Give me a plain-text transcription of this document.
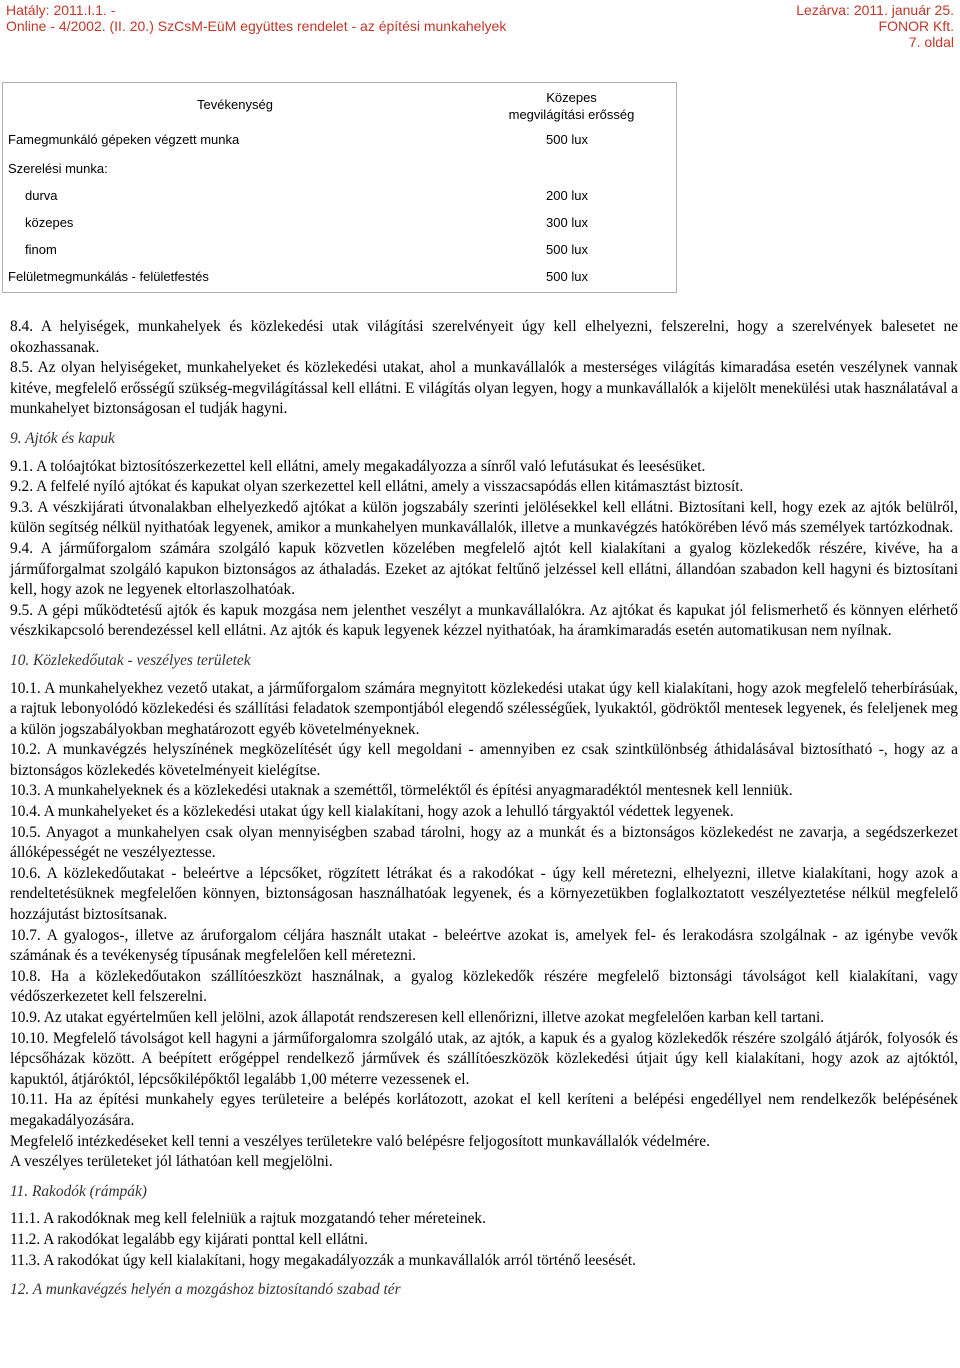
Hatály: 2011.I.1. -
Online - 4/2002. (II. 20.) SzCsM-EüM együttes rendelet - az építési munkahelyek
Lezárva: 2011. január 25.
FONOR Kft.
7. oldal
Tevékenység	Közepes
megvilágítási erősség
Famegmunkáló gépeken végzett munka	500 lux
Szerelési munka:
durva	200 lux
közepes	300 lux
finom	500 lux
Felületmegmunkálás - felületfestés	500 lux

8.4. A helyiségek, munkahelyek és közlekedési utak világítási szerelvényeit úgy kell elhelyezni, felszerelni, hogy a szerelvények balesetet ne okozhassanak.

8.5. Az olyan helyiségeket, munkahelyeket és közlekedési utakat, ahol a munkavállalók a mesterséges világítás kimaradása esetén veszélynek vannak kitéve, megfelelő erősségű szükség-megvilágítással kell ellátni. E világítás olyan legyen, hogy a munkavállalók a kijelölt menekülési utak használatával a munkahelyet biztonságosan el tudják hagyni.

9. Ajtók és kapuk

9.1. A tolóajtókat biztosítószerkezettel kell ellátni, amely megakadályozza a sínről való lefutásukat és leesésüket.

9.2. A felfelé nyíló ajtókat és kapukat olyan szerkezettel kell ellátni, amely a visszacsapódás ellen kitámasztást biztosít.

9.3. A vészkijárati útvonalakban elhelyezkedő ajtókat a külön jogszabály szerinti jelölésekkel kell ellátni. Biztosítani kell, hogy ezek az ajtók belülről, külön segítség nélkül nyithatóak legyenek, amikor a munkahelyen munkavállalók, illetve a munkavégzés hatókörében lévő más személyek tartózkodnak.

9.4. A járműforgalom számára szolgáló kapuk közvetlen közelében megfelelő ajtót kell kialakítani a gyalog közlekedők részére, kivéve, ha a járműforgalmat szolgáló kapukon biztonságos az áthaladás. Ezeket az ajtókat feltűnő jelzéssel kell ellátni, állandóan szabadon kell hagyni és biztosítani kell, hogy azok ne legyenek eltorlaszolhatóak.

9.5. A gépi működtetésű ajtók és kapuk mozgása nem jelenthet veszélyt a munkavállalókra. Az ajtókat és kapukat jól felismerhető és könnyen elérhető vészkikapcsoló berendezéssel kell ellátni. Az ajtók és kapuk legyenek kézzel nyithatóak, ha áramkimaradás esetén automatikusan nem nyílnak.

10. Közlekedőutak - veszélyes területek

10.1. A munkahelyekhez vezető utakat, a járműforgalom számára megnyitott közlekedési utakat úgy kell kialakítani, hogy azok megfelelő teherbírásúak, a rajtuk lebonyolódó közlekedési és szállítási feladatok szempontjából elegendő szélességűek, lyukaktól, gödröktől mentesek legyenek, és feleljenek meg a külön jogszabályokban meghatározott egyéb követelményeknek.

10.2. A munkavégzés helyszínének megközelítését úgy kell megoldani - amennyiben ez csak szintkülönbség áthidalásával biztosítható -, hogy az a biztonságos közlekedés követelményeit kielégítse.

10.3. A munkahelyeknek és a közlekedési utaknak a szeméttől, törmeléktől és építési anyagmaradéktól mentesnek kell lenniük.

10.4. A munkahelyeket és a közlekedési utakat úgy kell kialakítani, hogy azok a lehulló tárgyaktól védettek legyenek.

10.5. Anyagot a munkahelyen csak olyan mennyiségben szabad tárolni, hogy az a munkát és a biztonságos közlekedést ne zavarja, a segédszerkezet állóképességét ne veszélyeztesse.

10.6. A közlekedőutakat - beleértve a lépcsőket, rögzített létrákat és a rakodókat - úgy kell méretezni, elhelyezni, illetve kialakítani, hogy azok a rendeltetésüknek megfelelően könnyen, biztonságosan használhatóak legyenek, és a környezetükben foglalkoztatott veszélyeztetése nélkül megfelelő hozzájutást biztosítsanak.

10.7. A gyalogos-, illetve az áruforgalom céljára használt utakat - beleértve azokat is, amelyek fel- és lerakodásra szolgálnak - az igénybe vevők számának és a tevékenység típusának megfelelően kell méretezni.

10.8. Ha a közlekedőutakon szállítóeszközt használnak, a gyalog közlekedők részére megfelelő biztonsági távolságot kell kialakítani, vagy védőszerkezetet kell felszerelni.

10.9. Az utakat egyértelműen kell jelölni, azok állapotát rendszeresen kell ellenőrizni, illetve azokat megfelelően karban kell tartani.

10.10. Megfelelő távolságot kell hagyni a járműforgalomra szolgáló utak, az ajtók, a kapuk és a gyalog közlekedők részére szolgáló átjárók, folyosók és lépcsőházak között. A beépített erőgéppel rendelkező járművek és szállítóeszközök közlekedési útjait úgy kell kialakítani, hogy azok az ajtóktól, kapuktól, átjáróktól, lépcsőkilépőktől legalább 1,00 méterre vezessenek el.

10.11. Ha az építési munkahely egyes területeire a belépés korlátozott, azokat el kell keríteni a belépési engedéllyel nem rendelkezők belépésének megakadályozására.

Megfelelő intézkedéseket kell tenni a veszélyes területekre való belépésre feljogosított munkavállalók védelmére.

A veszélyes területeket jól láthatóan kell megjelölni.

11. Rakodók (rámpák)

11.1. A rakodóknak meg kell felelniük a rajtuk mozgatandó teher méreteinek.

11.2. A rakodókat legalább egy kijárati ponttal kell ellátni.

11.3. A rakodókat úgy kell kialakítani, hogy megakadályozzák a munkavállalók arról történő leesését.

12. A munkavégzés helyén a mozgáshoz biztosítandó szabad tér
